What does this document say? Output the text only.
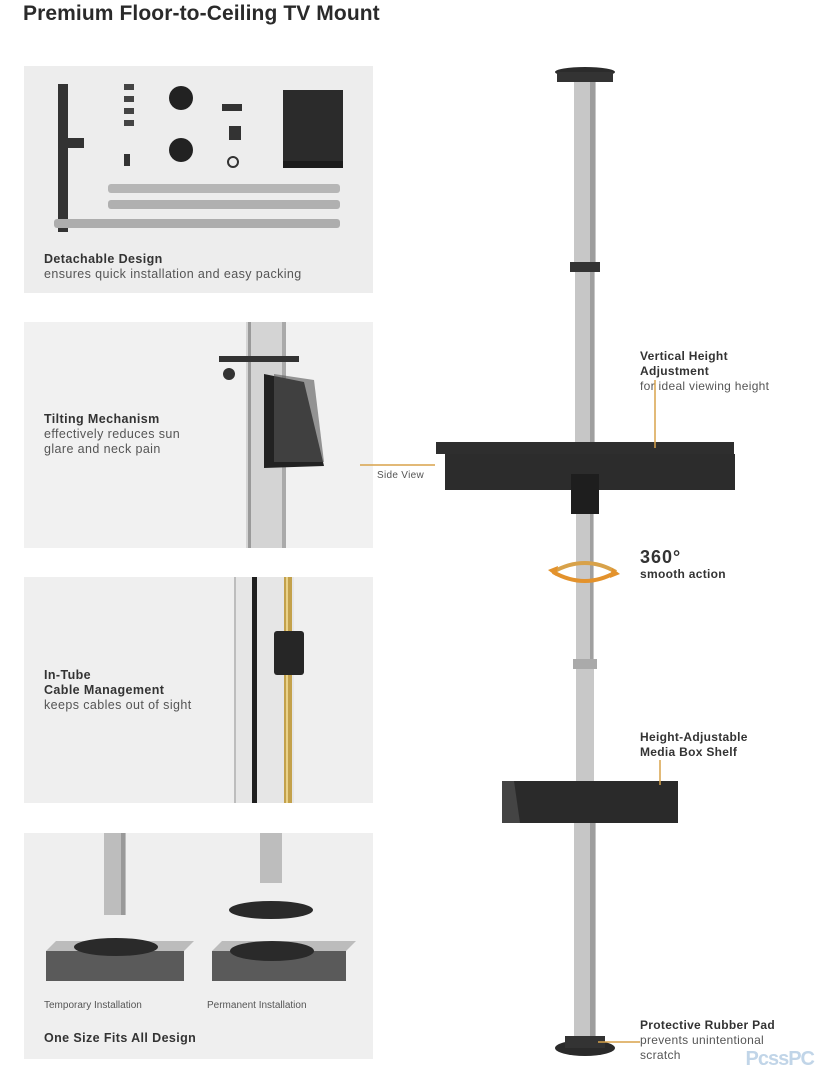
Premium Floor-to-Ceiling TV Mount
Detachable Design
ensures quick installation and easy packing
Tilting Mechanism
effectively reduces sun
glare and neck pain
In-Tube
Cable Management
keeps cables out of sight
Temporary Installation	Permanent Installation
One Size Fits All Design
Side View
Vertical Height
Adjustment
for ideal viewing height
360°
smooth action
Height-Adjustable
Media Box Shelf
Protective Rubber Pad
prevents unintentional
scratch	PcssPC
